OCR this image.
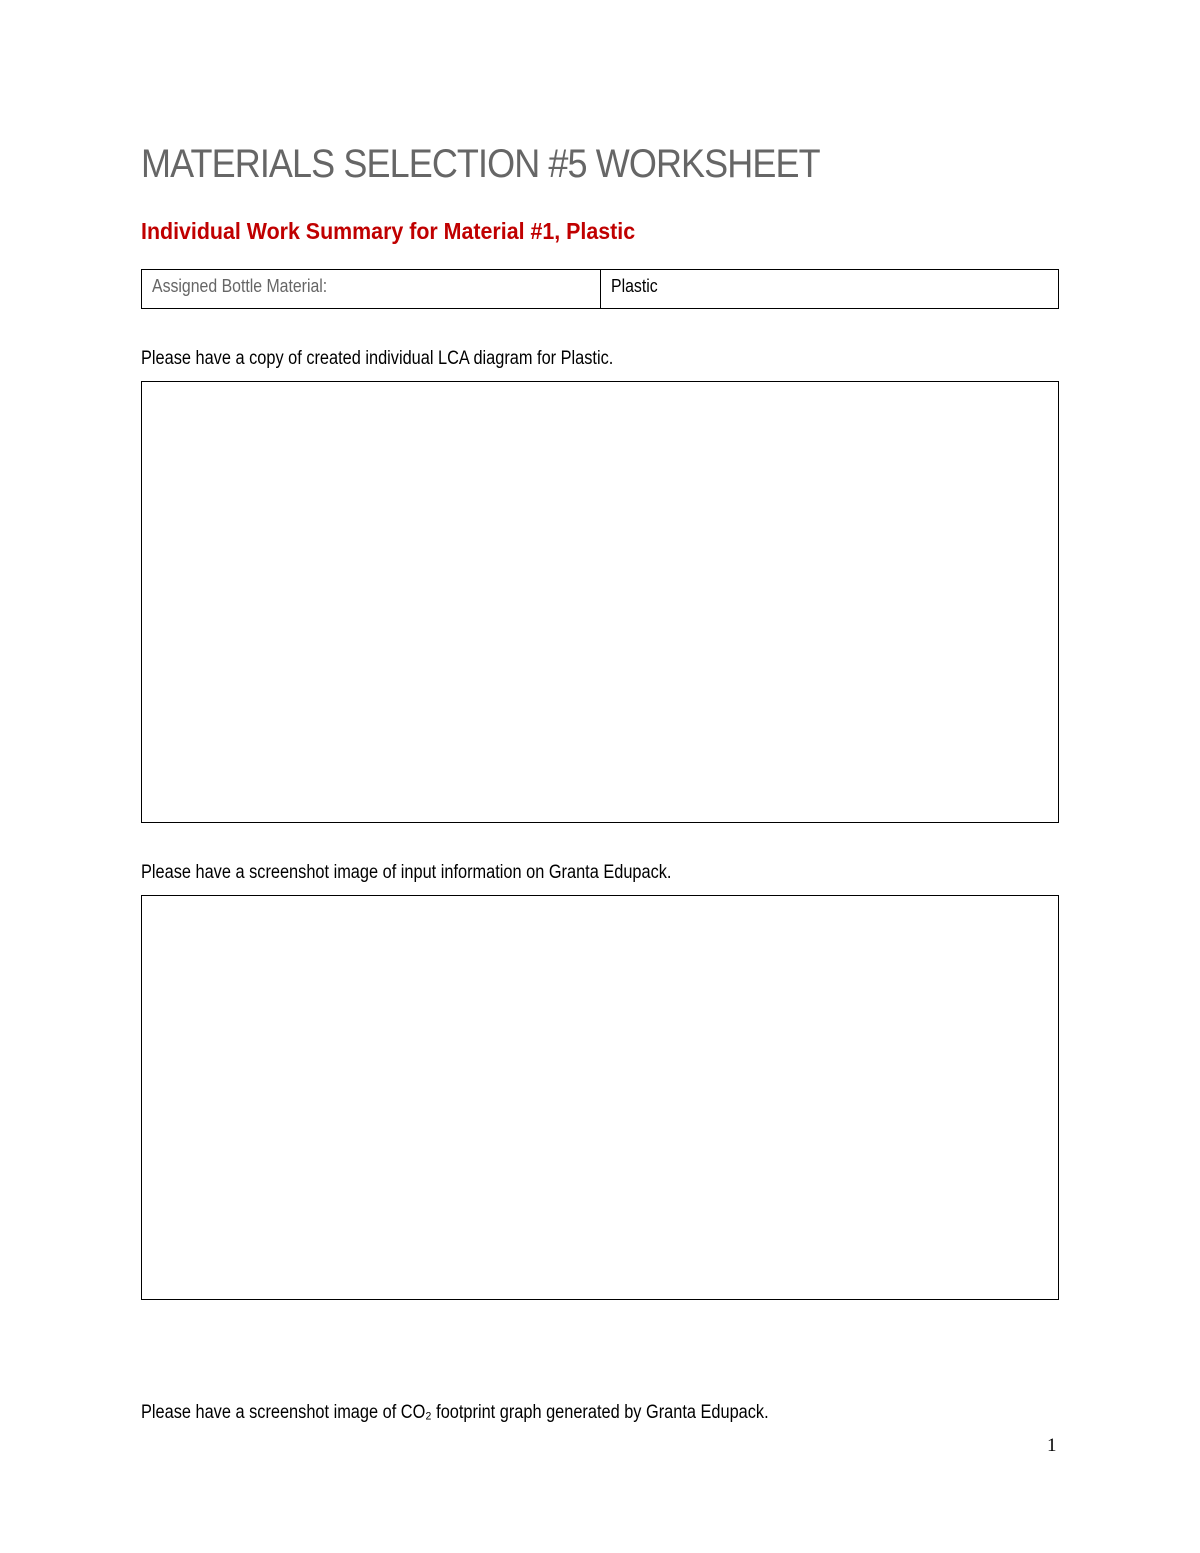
MATERIALS SELECTION #5 WORKSHEET
Individual Work Summary for Material #1, Plastic
Assigned Bottle Material:	Plastic

Please have a copy of created individual LCA diagram for Plastic.

Please have a screenshot image of input information on Granta Edupack.

Please have a screenshot image of CO₂ footprint graph generated by Granta Edupack.

1
